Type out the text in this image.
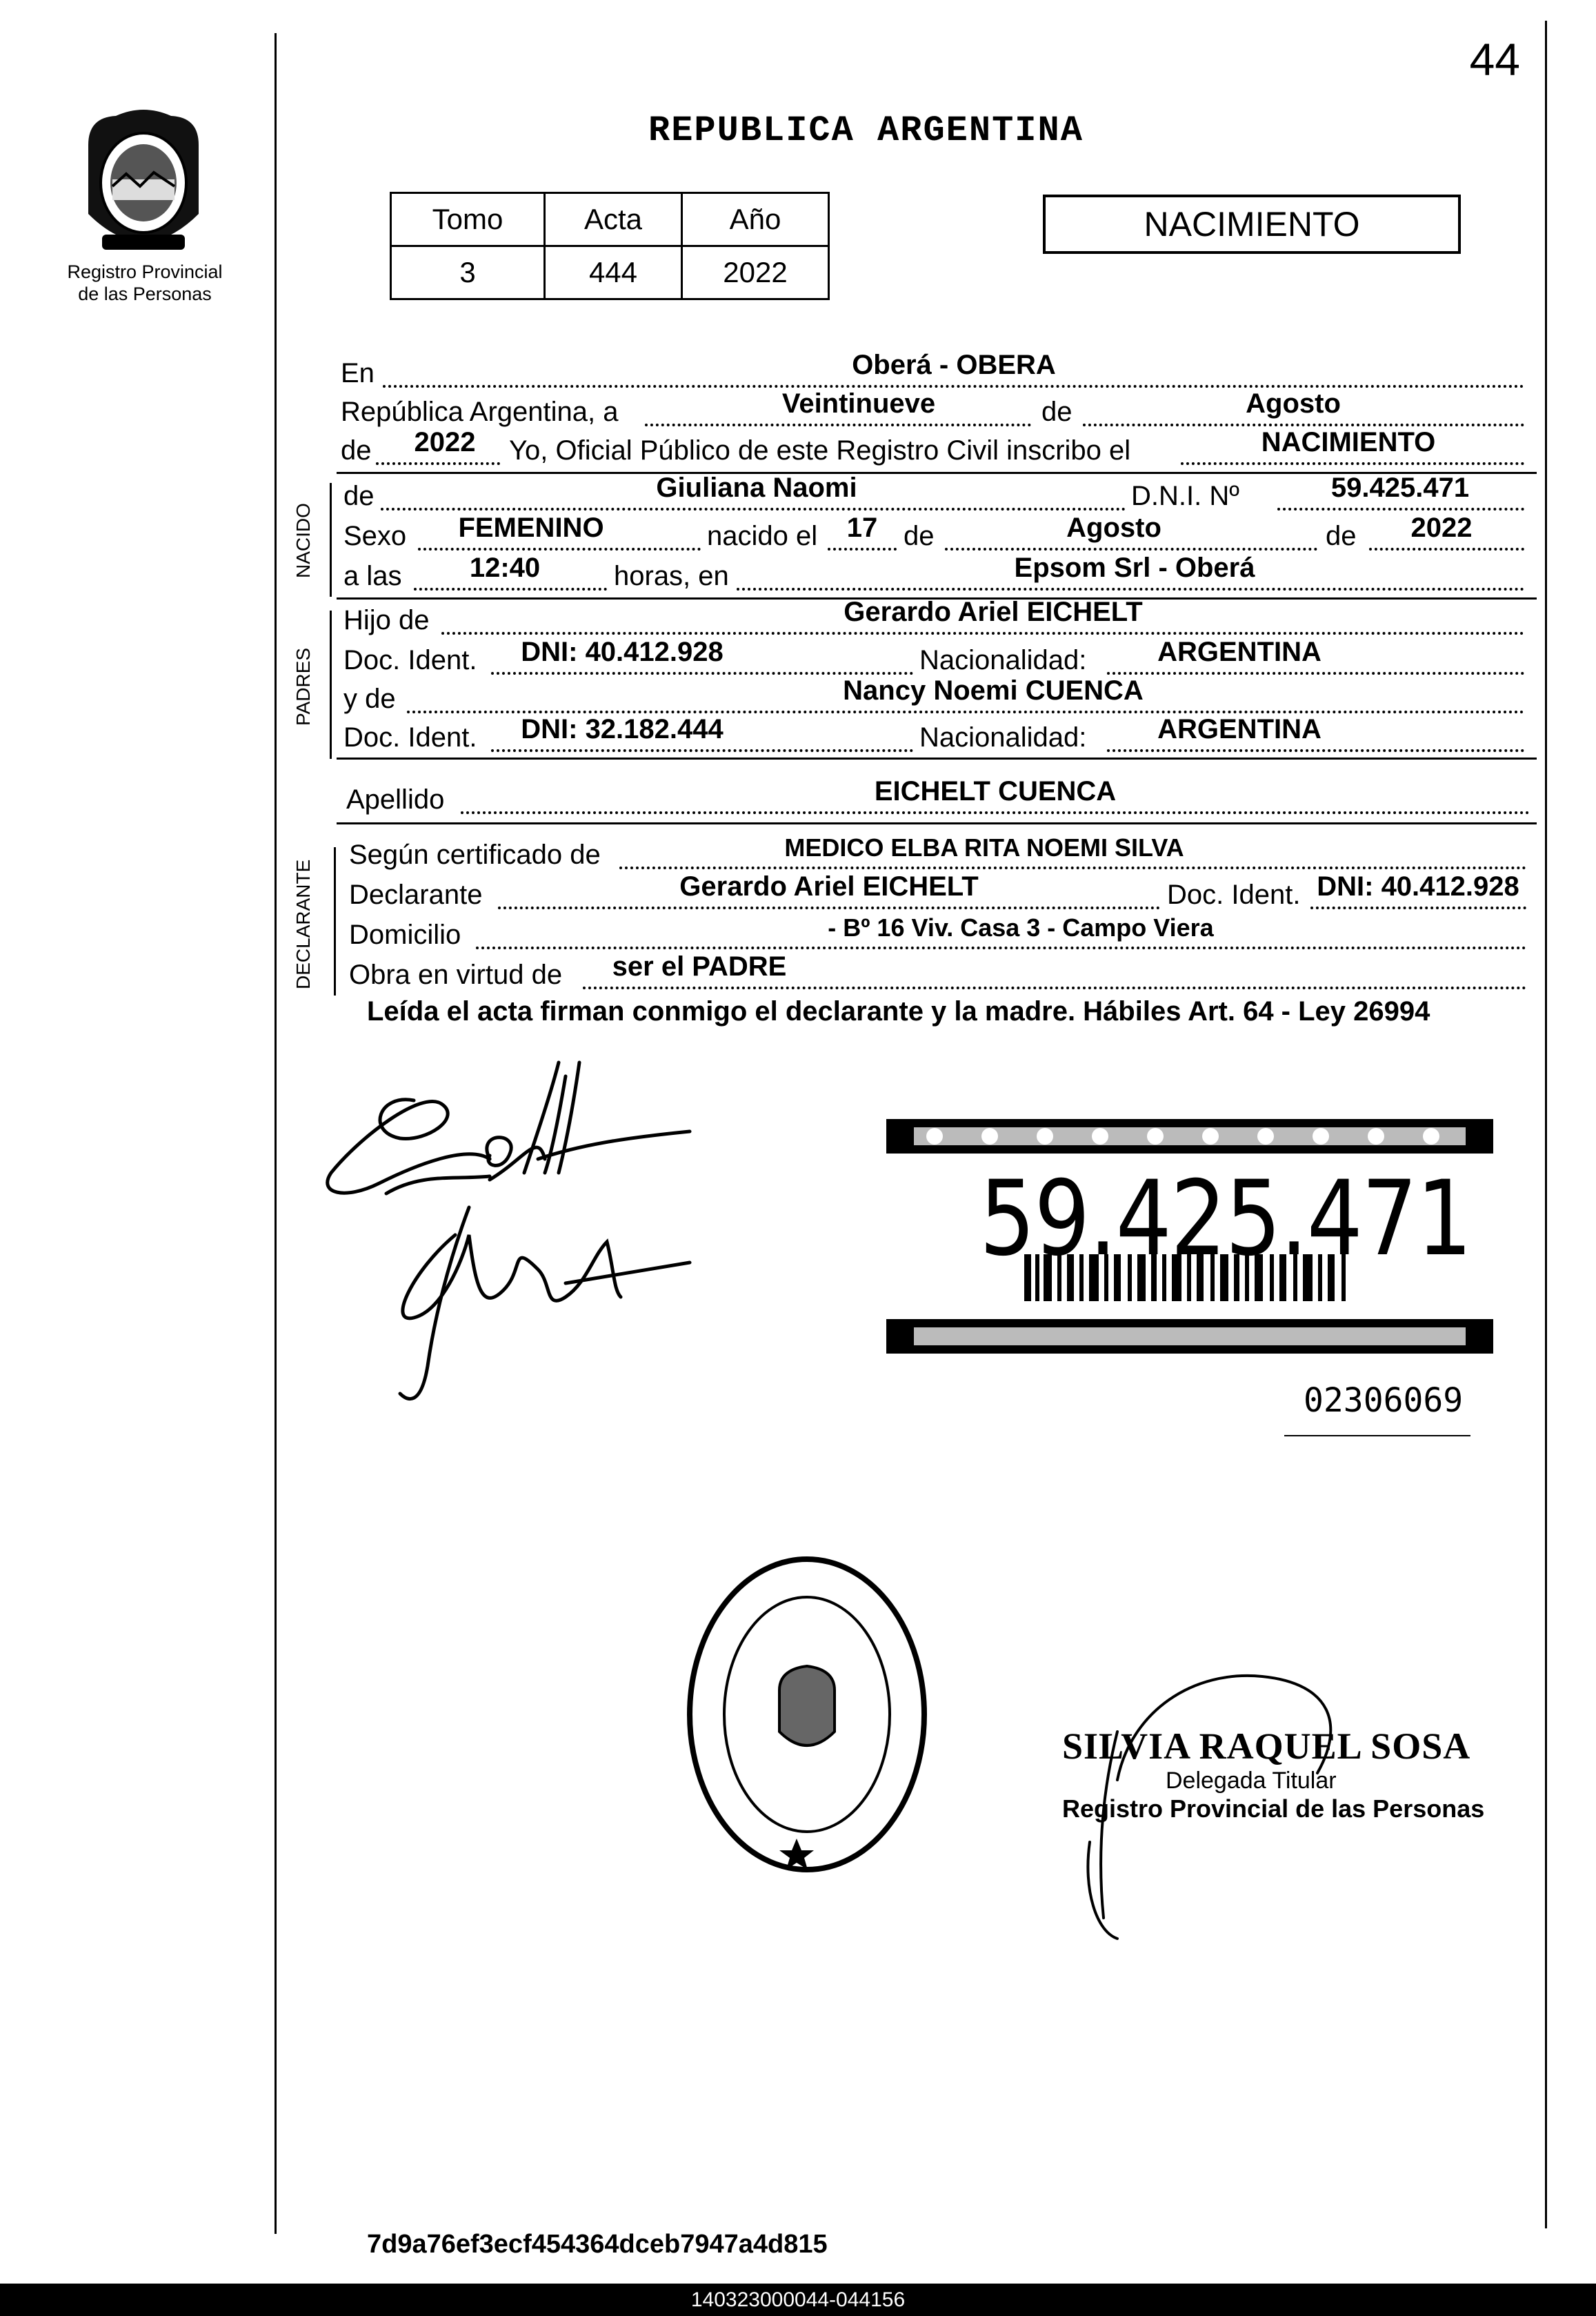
44
REPUBLICA ARGENTINA
Registro Provincial
de las Personas
Tomo	Acta	Año
3	444	2022
NACIMIENTO
En	Oberá - OBERA
República Argentina, a	Veintinueve	de	Agosto
de 2022 Yo, Oficial Público de este Registro Civil inscribo el	NACIMIENTO
NACIDO
de	Giuliana Naomi	D.N.I. Nº	59.425.471
Sexo FEMENINO	nacido el 17 de	Agosto	de 2022
a las 12:40	horas, en	Epsom Srl - Oberá
PADRES
Hijo de	Gerardo Ariel EICHELT
Doc. Ident. DNI: 40.412.928	Nacionalidad:	ARGENTINA
y de	Nancy Noemi CUENCA
Doc. Ident. DNI: 32.182.444	Nacionalidad:	ARGENTINA
Apellido	EICHELT CUENCA
DECLARANTE
Según certificado de	MEDICO ELBA RITA NOEMI SILVA
Declarante	Gerardo Ariel EICHELT	Doc. Ident. DNI: 40.412.928
Domicilio	- Bº 16 Viv. Casa 3 - Campo Viera
Obra en virtud de ser el PADRE
Leída el acta firman conmigo el declarante y la madre. Hábiles Art. 64 - Ley 26994
59.425.471
02306069
SILVIA RAQUEL SOSA
Delegada Titular
Registro Provincial de las Personas
7d9a76ef3ecf454364dceb7947a4d815
140323000044-044156
